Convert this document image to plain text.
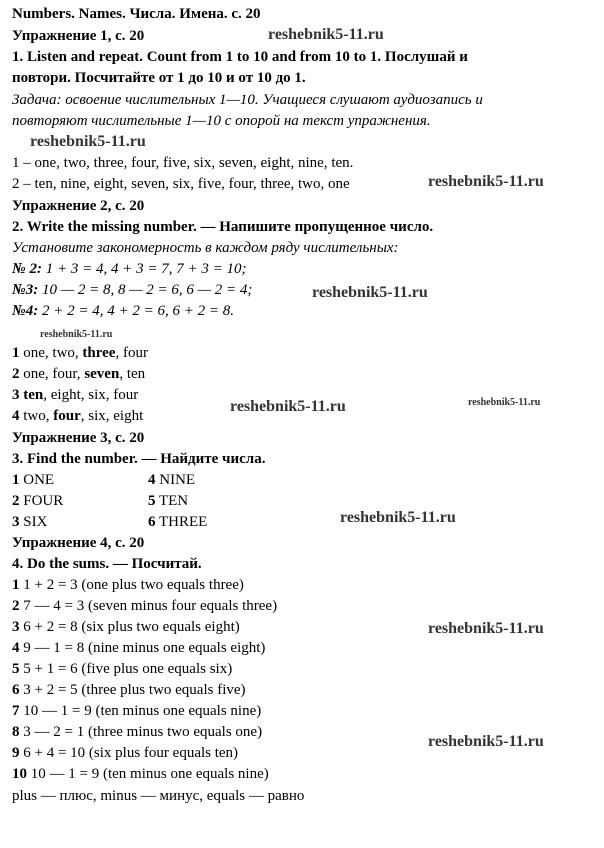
Numbers. Names. Числа. Имена. с. 20
Упражнение 1, с. 20
1. Listen and repeat. Count from 1 to 10 and from 10 to 1. Послушай и
повтори. Посчитайте от 1 до 10 и от 10 до 1.
Задача: освоение числительных 1—10. Учащиеся слушают аудиозапись и
повторяют числительные 1—10 с опорой на текст упражнения.
1 – one, two, three, four, five, six, seven, eight, nine, ten.
2 – ten, nine, eight, seven, six, five, four, three, two, one
Упражнение 2, с. 20
2. Write the missing number. — Напишите пропущенное число.
Установите закономерность в каждом ряду числительных:
№ 2: 1 + 3 = 4, 4 + 3 = 7, 7 + 3 = 10;
№3: 10 — 2 = 8, 8 — 2 = 6, 6 — 2 = 4;
№4: 2 + 2 = 4, 4 + 2 = 6, 6 + 2 = 8.
1 one, two, three, four
2 one, four, seven, ten
3 ten, eight, six, four
4 two, four, six, eight
Упражнение 3, с. 20
3. Find the number. — Найдите числа.
1 ONE
2 FOUR
3 SIX
4 NINE
5 TEN
6 THREE
Упражнение 4, с. 20
4. Do the sums. — Посчитай.
1 1 + 2 = 3 (one plus two equals three)
2 7 — 4 = 3 (seven minus four equals three)
3 6 + 2 = 8 (six plus two equals eight)
4 9 — 1 = 8 (nine minus one equals eight)
5 5 + 1 = 6 (five plus one equals six)
6 3 + 2 = 5 (three plus two equals five)
7 10 — 1 = 9 (ten minus one equals nine)
8 3 — 2 = 1 (three minus two equals one)
9 6 + 4 = 10 (six plus four equals ten)
10 10 — 1 = 9 (ten minus one equals nine)
plus — плюс, minus — минус, equals — равно
reshebnik5-11.ru
reshebnik5-11.ru
reshebnik5-11.ru
reshebnik5-11.ru
reshebnik5-11.ru
reshebnik5-11.ru	reshebnik5-11.ru
reshebnik5-11.ru
reshebnik5-11.ru
reshebnik5-11.ru
